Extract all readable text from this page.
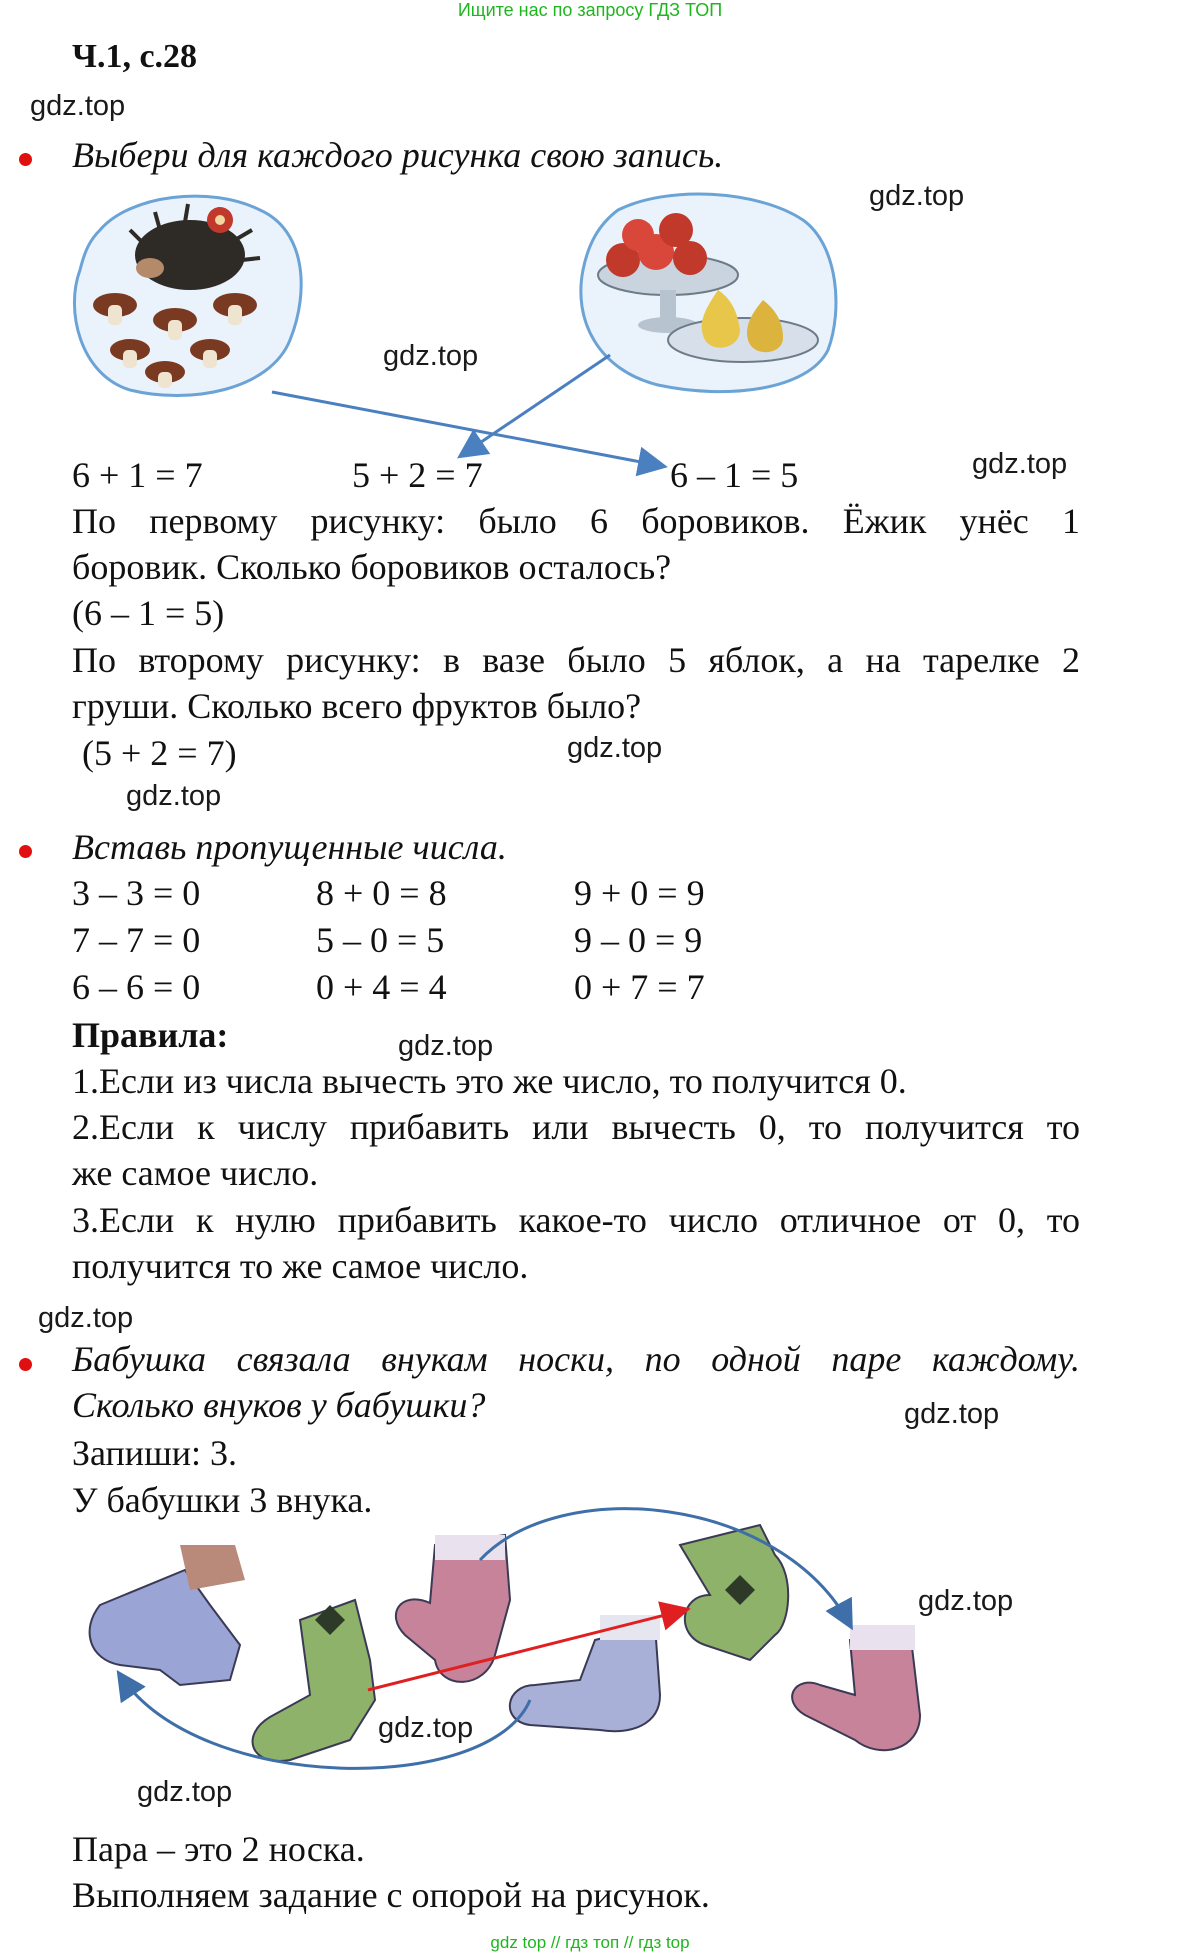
Ищите нас по запросу ГДЗ ТОП
Ч.1, с.28
gdz.top
Выбери для каждого рисунка свою запись.
gdz.top
gdz.top
6 + 1 = 7	5 + 2 = 7	6 – 1 = 5	gdz.top
По первому рисунку: было 6 боровиков. Ёжик унёс 1
боровик. Сколько боровиков осталось?
(6 – 1 = 5)
По второму рисунку: в вазе было 5 яблок, а на тарелке 2
груши. Сколько всего фруктов было?
(5 + 2 = 7)	gdz.top
gdz.top
Вставь пропущенные числа.
3 – 3 = 0	8 + 0 = 8	9 + 0 = 9
7 – 7 = 0	5 – 0 = 5	9 – 0 = 9
6 – 6 = 0	0 + 4 = 4	0 + 7 = 7
Правила:	gdz.top
1.Если из числа вычесть это же число, то получится 0.
2.Если к числу прибавить или вычесть 0, то получится то
же самое число.
3.Если к нулю прибавить какое-то число отличное от 0, то
получится то же самое число.
gdz.top
Бабушка связала внукам носки, по одной паре каждому.
Сколько внуков у бабушки?	gdz.top
Запиши: 3.
У бабушки 3 внука.
gdz.top
gdz.top
gdz.top
Пара – это 2 носка.
Выполняем задание с опорой на рисунок.
gdz top // гдз топ // гдз top
